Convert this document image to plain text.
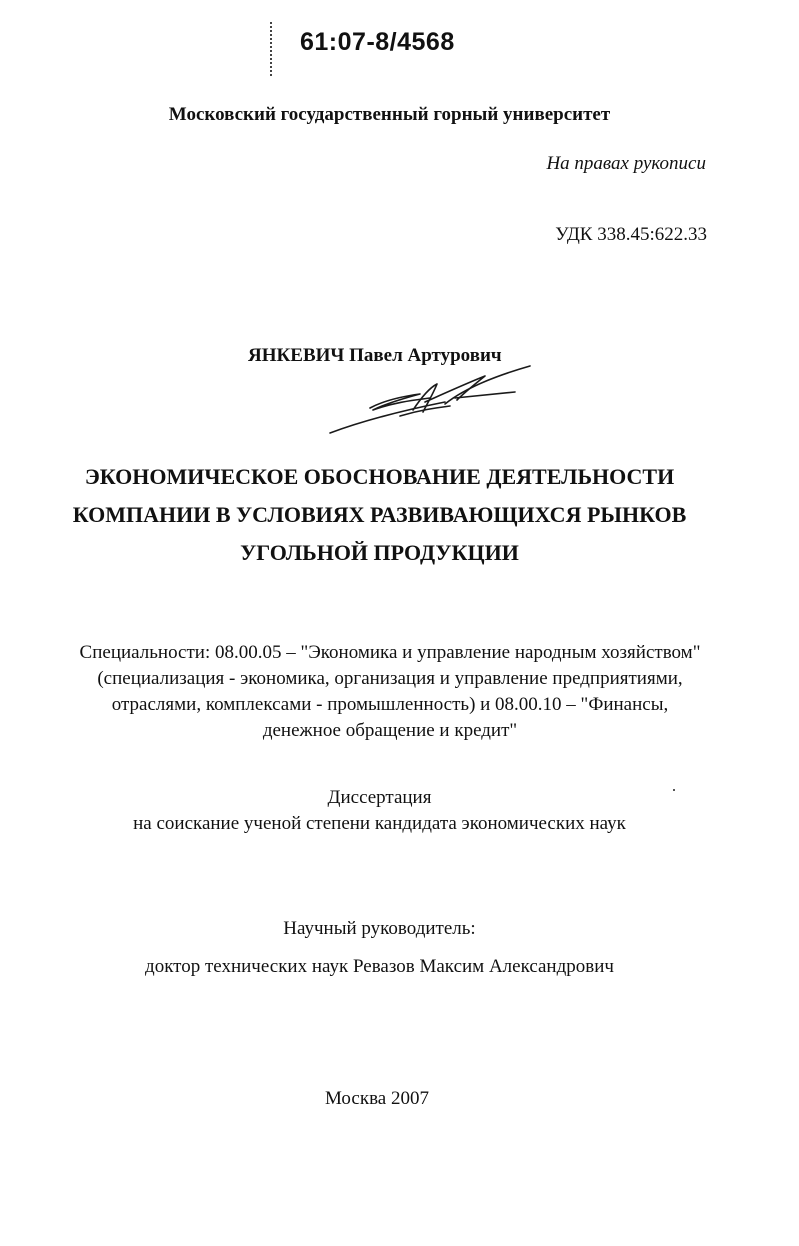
61:07-8/4568
Московский государственный горный университет
На правах рукописи
УДК 338.45:622.33
ЯНКЕВИЧ Павел Артурович
ЭКОНОМИЧЕСКОЕ ОБОСНОВАНИЕ ДЕЯТЕЛЬНОСТИ
КОМПАНИИ В УСЛОВИЯХ РАЗВИВАЮЩИХСЯ РЫНКОВ
УГОЛЬНОЙ ПРОДУКЦИИ
Специальности: 08.00.05 – "Экономика и управление народным хозяйством"
(специализация - экономика, организация и управление предприятиями,
отраслями, комплексами - промышленность) и 08.00.10 – "Финансы,
денежное обращение и кредит"
Диссертация
на соискание ученой степени кандидата экономических наук
Научный руководитель:
доктор технических наук Ревазов Максим Александрович
Москва 2007
